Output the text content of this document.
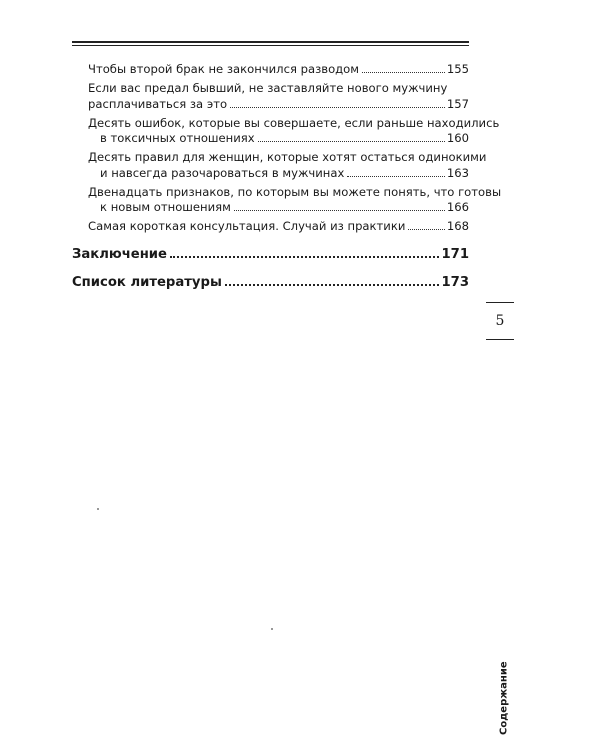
Чтобы второй брак не закончился разводом	155
Если вас предал бывший, не заставляйте нового мужчину
расплачиваться за это	157
Десять ошибок, которые вы совершаете, если раньше находились
в токсичных отношениях	160
Десять правил для женщин, которые хотят остаться одинокими
и навсегда разочароваться в мужчинах	163
Двенадцать признаков, по которым вы можете понять, что готовы
к новым отношениям	166
Самая короткая консультация. Случай из практики	168
Заключение	171
Список литературы	173
5
Содержание
